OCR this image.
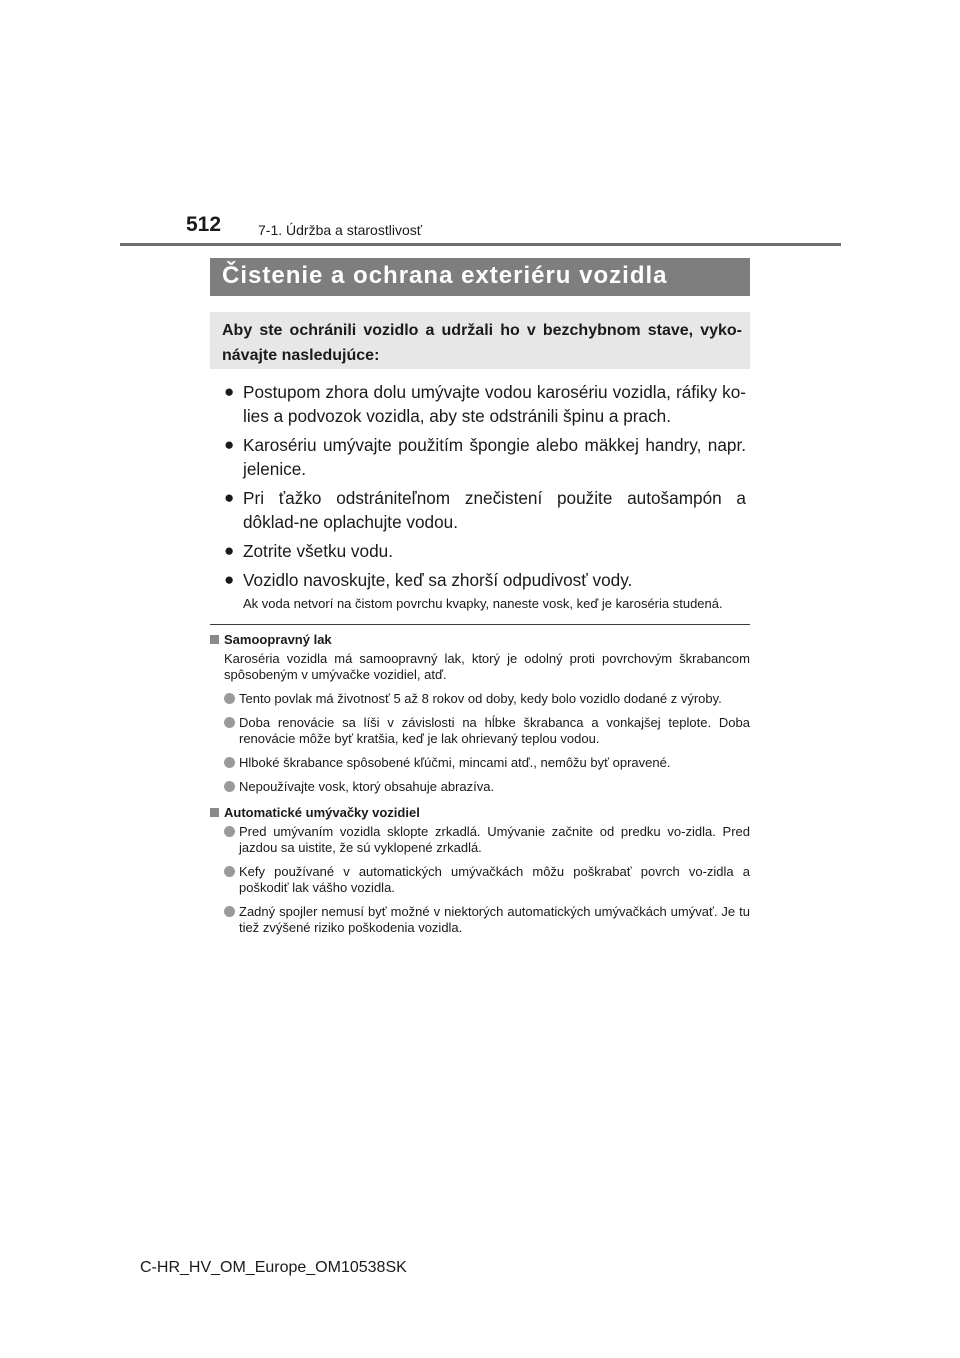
512	7-1. Údržba a starostlivosť
Čistenie a ochrana exteriéru vozidla
Aby ste ochránili vozidlo a udržali ho v bezchybnom stave, vyko-návajte nasledujúce:
● Postupom zhora dolu umývajte vodou karosériu vozidla, ráfiky ko-lies a podvozok vozidla, aby ste odstránili špinu a prach.
● Karosériu umývajte použitím špongie alebo mäkkej handry, napr. jelenice.
● Pri ťažko odstrániteľnom znečistení použite autošampón a dôklad-ne oplachujte vodou.
● Zotrite všetku vodu.
● Vozidlo navoskujte, keď sa zhorší odpudivosť vody.
Ak voda netvorí na čistom povrchu kvapky, naneste vosk, keď je karoséria studená.
Samoopravný lak
Karoséria vozidla má samoopravný lak, ktorý je odolný proti povrchovým škrabancom spôsobeným v umývačke vozidiel, atď.
Tento povlak má životnosť 5 až 8 rokov od doby, kedy bolo vozidlo dodané z výroby.
Doba renovácie sa líši v závislosti na hĺbke škrabanca a vonkajšej teplote. Doba renovácie môže byť kratšia, keď je lak ohrievaný teplou vodou.
Hlboké škrabance spôsobené kľúčmi, mincami atď., nemôžu byť opravené.
Nepoužívajte vosk, ktorý obsahuje abrazíva.
Automatické umývačky vozidiel
Pred umývaním vozidla sklopte zrkadlá. Umývanie začnite od predku vo-zidla. Pred jazdou sa uistite, že sú vyklopené zrkadlá.
Kefy používané v automatických umývačkách môžu poškrabať povrch vo-zidla a poškodiť lak vášho vozidla.
Zadný spojler nemusí byť možné v niektorých automatických umývačkách umývať. Je tu tiež zvýšené riziko poškodenia vozidla.
C-HR_HV_OM_Europe_OM10538SK
